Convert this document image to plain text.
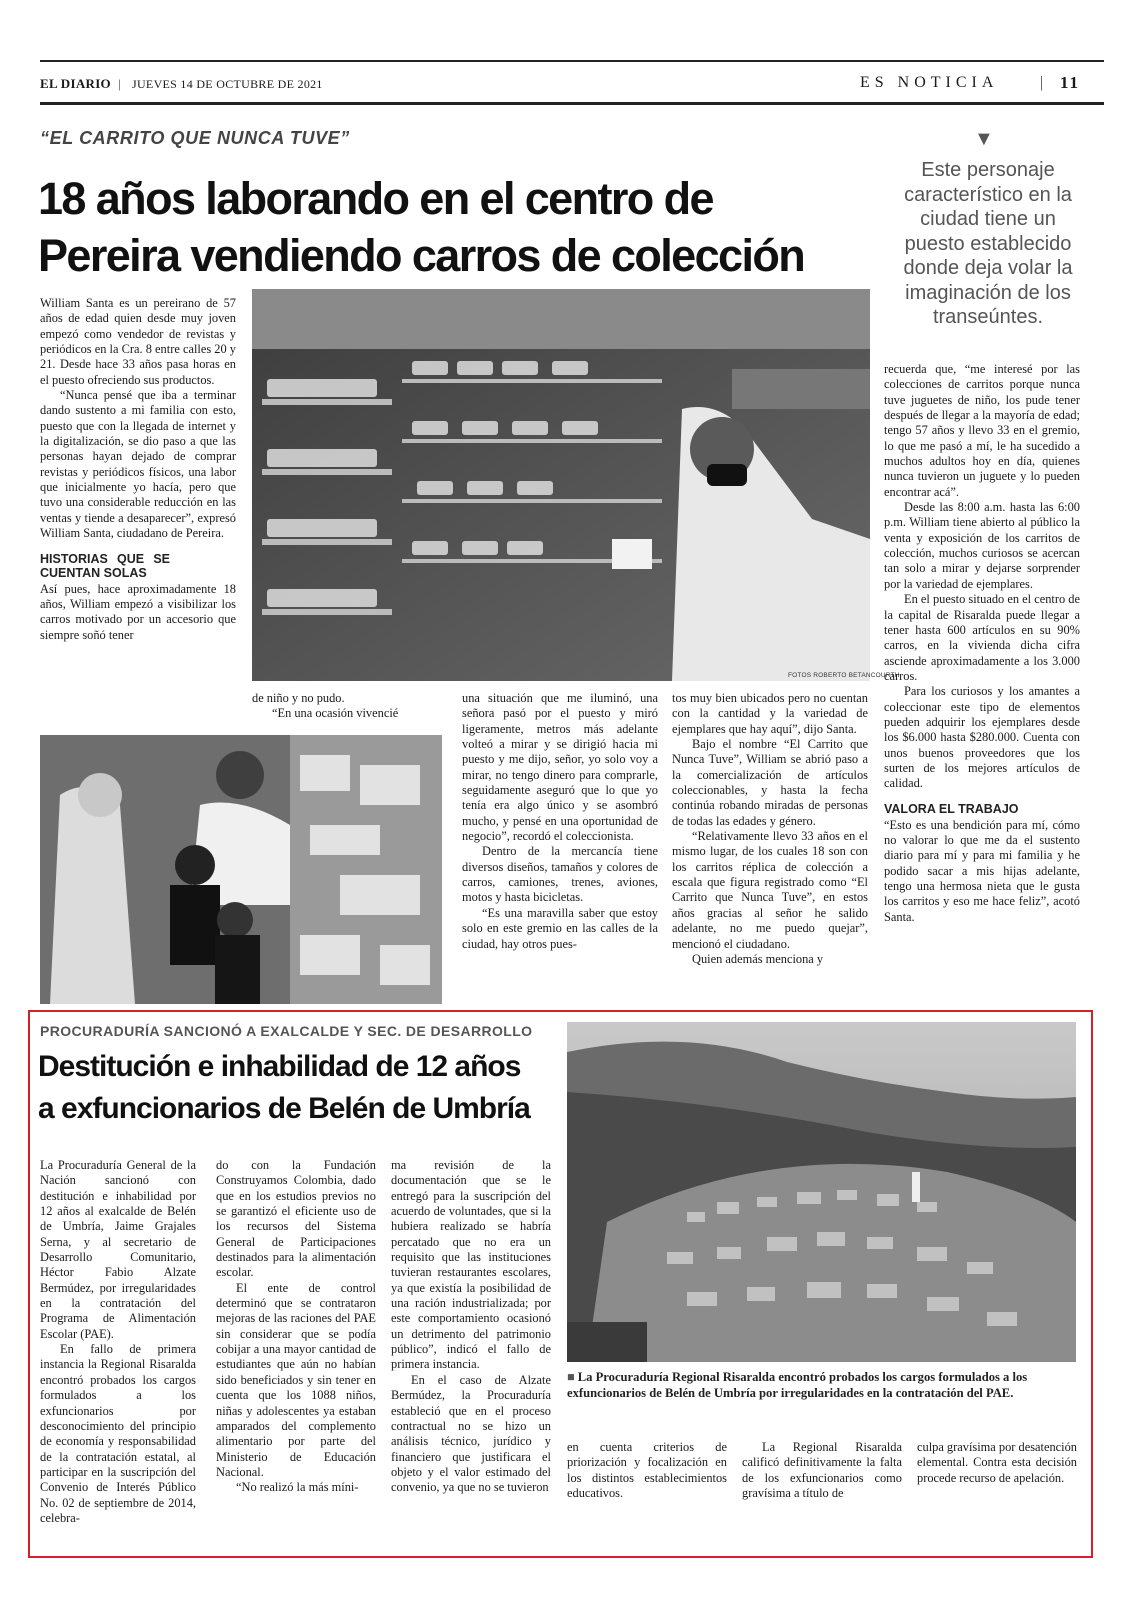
EL DIARIO | JUEVES 14 DE OCTUBRE DE 2021	ES NOTICIA	| 11
“EL CARRITO QUE NUNCA TUVE”
18 años laborando en el centro de
Pereira vendiendo carros de colección
▼
Este personaje característico en la ciudad tiene un puesto establecido donde deja volar la imaginación de los transeúntes.
FOTOS ROBERTO BETANCOURTH

William Santa es un pereirano de 57 años de edad quien desde muy joven empezó como vendedor de revistas y periódicos en la Cra. 8 entre calles 20 y 21. Desde hace 33 años pasa horas en el puesto ofreciendo sus productos.

“Nunca pensé que iba a terminar dando sustento a mi familia con esto, puesto que con la llegada de internet y la digitalización, se dio paso a que las personas hayan dejado de comprar revistas y periódicos físicos, una labor que inicialmente yo hacía, pero que tuvo una considerable reducción en las ventas y tiende a desaparecer”, expresó William Santa, ciudadano de Pereira.

HISTORIAS QUE SE CUENTAN SOLAS

Así pues, hace aproximadamente 18 años, William empezó a visibilizar los carros motivado por un accesorio que siempre soñó tener

de niño y no pudo.

“En una ocasión vivencié

una situación que me iluminó, una señora pasó por el puesto y miró ligeramente, metros más adelante volteó a mirar y se dirigió hacia mi puesto y me dijo, señor, yo solo voy a mirar, no tengo dinero para comprarle, seguidamente aseguró que lo que yo tenía era algo único y se asombró mucho, y pensé en una oportunidad de negocio”, recordó el coleccionista.

Dentro de la mercancía tiene diversos diseños, tamaños y colores de carros, camiones, trenes, aviones, motos y hasta bicicletas.

“Es una maravilla saber que estoy solo en este gremio en las calles de la ciudad, hay otros pues-

tos muy bien ubicados pero no cuentan con la cantidad y la variedad de ejemplares que hay aquí”, dijo Santa.

Bajo el nombre “El Carrito que Nunca Tuve”, William se abrió paso a la comercialización de artículos coleccionables, y hasta la fecha continúa robando miradas de personas de todas las edades y género.

“Relativamente llevo 33 años en el mismo lugar, de los cuales 18 son con los carritos réplica de colección a escala que figura registrado como “El Carrito que Nunca Tuve”, en estos años gracias al señor he salido adelante, no me puedo quejar”, mencionó el ciudadano.

Quien además menciona y

recuerda que, “me interesé por las colecciones de carritos porque nunca tuve juguetes de niño, los pude tener después de llegar a la mayoría de edad; tengo 57 años y llevo 33 en el gremio, lo que me pasó a mí, le ha sucedido a muchos adultos hoy en día, quienes nunca tuvieron un juguete y lo pueden encontrar acá”.

Desde las 8:00 a.m. hasta las 6:00 p.m. William tiene abierto al público la venta y exposición de los carritos de colección, muchos curiosos se acercan tan solo a mirar y dejarse sorprender por la variedad de ejemplares.

En el puesto situado en el centro de la capital de Risaralda puede llegar a tener hasta 600 artículos en su 90% carros, en la vivienda dicha cifra asciende aproximadamente a los 3.000 carros.

Para los curiosos y los amantes a coleccionar este tipo de elementos pueden adquirir los ejemplares desde los $6.000 hasta $280.000. Cuenta con unos buenos proveedores que los surten de los mejores artículos de calidad.

VALORA EL TRABAJO

“Esto es una bendición para mí, cómo no valorar lo que me da el sustento diario para mí y para mi familia y he podido sacar a mis hijas adelante, tengo una hermosa nieta que le gusta los carritos y eso me hace feliz”, acotó Santa.

PROCURADURÍA SANCIONÓ A EXALCALDE Y SEC. DE DESARROLLO
Destitución e inhabilidad de 12 años
a exfuncionarios de Belén de Umbría
■ La Procuraduría Regional Risaralda encontró probados los cargos formulados a los exfuncionarios de Belén de Umbría por irregularidades en la contratación del PAE.

La Procuraduría General de la Nación sancionó con destitución e inhabilidad por 12 años al exalcalde de Belén de Umbría, Jaime Grajales Serna, y al secretario de Desarrollo Comunitario, Héctor Fabio Alzate Bermúdez, por irregularidades en la contratación del Programa de Alimentación Escolar (PAE).

En fallo de primera instancia la Regional Risaralda encontró probados los cargos formulados a los exfuncionarios por desconocimiento del principio de economía y responsabilidad de la contratación estatal, al participar en la suscripción del Convenio de Interés Público No. 02 de septiembre de 2014, celebra-

do con la Fundación Construyamos Colombia, dado que en los estudios previos no se garantizó el eficiente uso de los recursos del Sistema General de Participaciones destinados para la alimentación escolar.

El ente de control determinó que se contrataron mejoras de las raciones del PAE sin considerar que se podía cobijar a una mayor cantidad de estudiantes que aún no habían sido beneficiados y sin tener en cuenta que los 1088 niños, niñas y adolescentes ya estaban amparados del complemento alimentario por parte del Ministerio de Educación Nacional.

“No realizó la más míni-

ma revisión de la documentación que se le entregó para la suscripción del acuerdo de voluntades, que si la hubiera realizado se habría percatado que no era un requisito que las instituciones tuvieran restaurantes escolares, ya que existía la posibilidad de una ración industrializada; por este comportamiento ocasionó un detrimento del patrimonio público”, indicó el fallo de primera instancia.

En el caso de Alzate Bermúdez, la Procuraduría estableció que en el proceso contractual no se hizo un análisis técnico, jurídico y financiero que justificara el objeto y el valor estimado del convenio, ya que no se tuvieron

en cuenta criterios de priorización y focalización en los distintos establecimientos educativos.

La Regional Risaralda calificó definitivamente la falta de los exfuncionarios como gravísima a título de

culpa gravísima por desatención elemental. Contra esta decisión procede recurso de apelación.
